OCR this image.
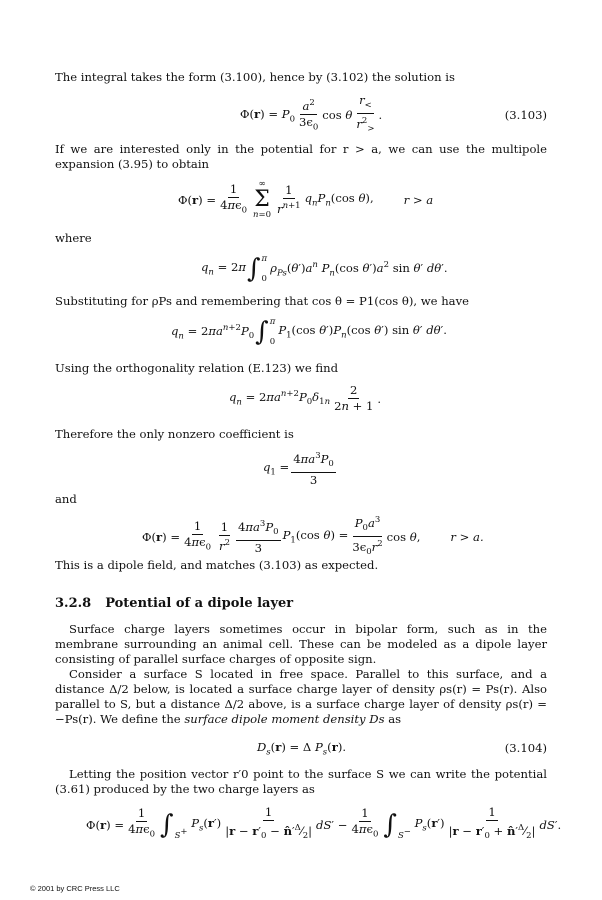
The integral takes the form (3.100), hence by (3.102) the solution is
$\Phi(r) = P_0 \frac{a^2}{3\epsilon_0}$ cos θ $\frac{r_<}{r^2_>}$ .	(3.103)
If we are interested only in the potential for r > a, we can use the multipole expansion (3.95) to obtain
$\Phi(r) = \frac{1}{4\pi\epsilon_0}$ ∞
Σ
$n=0 \frac{1}{r^{n+1}} q_nP_n(\cos$ θ),	r > a
where
$q_n = 2\pi$ ∫ π
0
$\rho_{Ps}(\theta')a^n$ $P_n(\cos$ $\theta')a^2$ sin θ′ dθ′.
Substituting for ρPs and remembering that cos θ = P1(cos θ), we have
$q_n = 2\pi a^{n+2}P_0$ ∫ π
0
$P_1(\cos$ $\theta')P_n(\cos$ θ′) sin θ′ dθ′.
Using the orthogonality relation (E.123) we find
$q_n = 2\pi a^{n+2}P_0\delta_{1n} \frac{2}{2n + 1}$ .
Therefore the only nonzero coefficient is
$q_1 = \frac{4\pi a^3P_0}{3}$
and
$\Phi(r) = \frac{1}{4\pi\epsilon_0} \frac{1}{r^2} \frac{4\pi a^3P_0}{3} P_1(\cos$ $\theta) = \frac{P_0a^3}{3\epsilon_0r^2}$ cos θ,	r > a.
This is a dipole field, and matches (3.103) as expected.
3.2.8 Potential of a dipole layer
Surface charge layers sometimes occur in bipolar form, such as in the membrane surrounding an animal cell. These can be modeled as a dipole layer consisting of parallel surface charges of opposite sign.
Consider a surface S located in free space. Parallel to this surface, and a distance Δ/2 below, is located a surface charge layer of density ρs(r) = Ps(r). Also parallel to S, but a distance Δ/2 above, is a surface charge layer of density ρs(r) = −Ps(r). We define the surface dipole moment density Ds as
$D_s(r) = \Delta$ $P_s(r)$.	(3.104)
Letting the position vector r′0 point to the surface S we can write the potential (3.61) produced by the two charge layers as
$\Phi(r) = \frac{1}{4\pi\epsilon_0}$ ∫ S+
$P_s(r') \frac{1}{|r - r'_0 - n̂'^\Delta⁄_2|} dS' - \frac{1}{4\pi\epsilon_0}$ ∫ S−
$P_s(r') \frac{1}{|r - r'_0 + n̂'^\Delta⁄_2|} dS'$.
© 2001 by CRC Press LLC
